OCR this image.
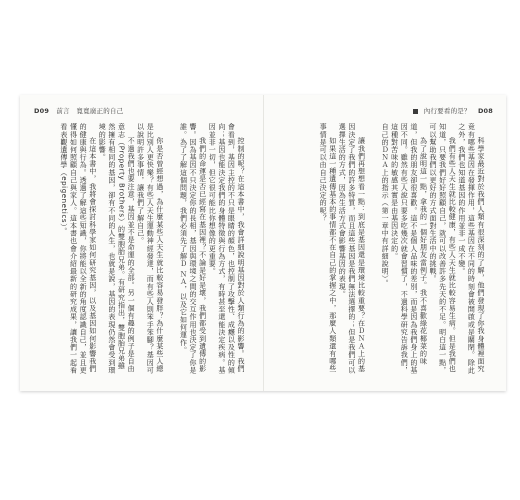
D09 前言　寬寬廣正的自己

控制的呢？在這本書中，我會詳細說明基因對於人類行為的影響。我們會看到，基因主控的不只是眼睛的顏色，也控制了攻擊性、成癮以及性的傾向；基因也能決定我們的身體特徵與行為方式，有時甚至還能決定疾病。基因並非一切，但它很可能比你想像的更重要。

我們的命運是否已經寫在基因裡？不論是好是壞，我們都受到遺傳的影響。因為基因不只決定你的長相，基因與環境之間的交互作用也決定了你是誰。為了了解這個問題，我們必須先了解Ｄ ＮＡ，以及它如何運作。

你是否曾經想過，為什麼某些人天生就比較容易發胖？為什麼某些人總是比別人更快樂？有些人天生運動神經發達，而有些人則笨手笨腳？基因可以說明許多事情，讓我們了解自己。

不過我們也要注意，基因並不是命運的全部。另一個有趣的例子是自由意志（Property Brothers）的雙胞胎兄弟。有研究指出，雙胞胎兄弟雖然擁有相同的基因，卻有不同的人生，也就是說，基因的表現仍然會受到環境的影響。

在這本書中，我將會探討科學家如何研究基因，以及基因如何影響我們的健康與行為。透過了解這些知識，你將能以全新的角度認識自己，並且更懂得如何照顧自己與家人。這本書也會介紹最新的研究成果，讓我們一起看看表觀遺傳學（epigenetics）。

內行要看的是？ D08

科學家最近對於我們人類有很深刻的了解，他們發現了你我身體裡面究竟有哪些基因在發揮作用，這些基因在不同的時刻會被開啟或是關閉。除此之外，我們也知道基因的作用並非一成不變。

我們有些人天生就比較健康，有些人天生就比較容易生病。但是我們也知道，只要我們好好照顧自己，就可以改善許多先天的不足。明白這一點，可以幫助我們以更好的方式面對生活中的挑戰。

為了說明這一點，拿我的一個好朋友當例子。我不喜歡綠花椰菜的味道，但我的朋友卻很喜歡。這不是個人品味的差別，而是因為我們身上的基因不同。雖然有些人說只要多吃幾次就會習慣了，不過科學研究告訴我們，這種對苦味的敏感其實是由基因決定的。

自己的ＤＮＡ上的指示（第一章中有詳細說明）。

讓我們再想想看一點：到底是基因還是環境比較重要？在ＤＮＡ上的基因決定了我們的許多特質，而且這些基因是我們無法選擇的；但是我們可以選擇生活的方式，因為生活方式會影響基因的表現。

如果這一種遺傳基本的事情都不在自己的掌握之中，那麼人類還有哪些事情是可以由自己決定的呢？
